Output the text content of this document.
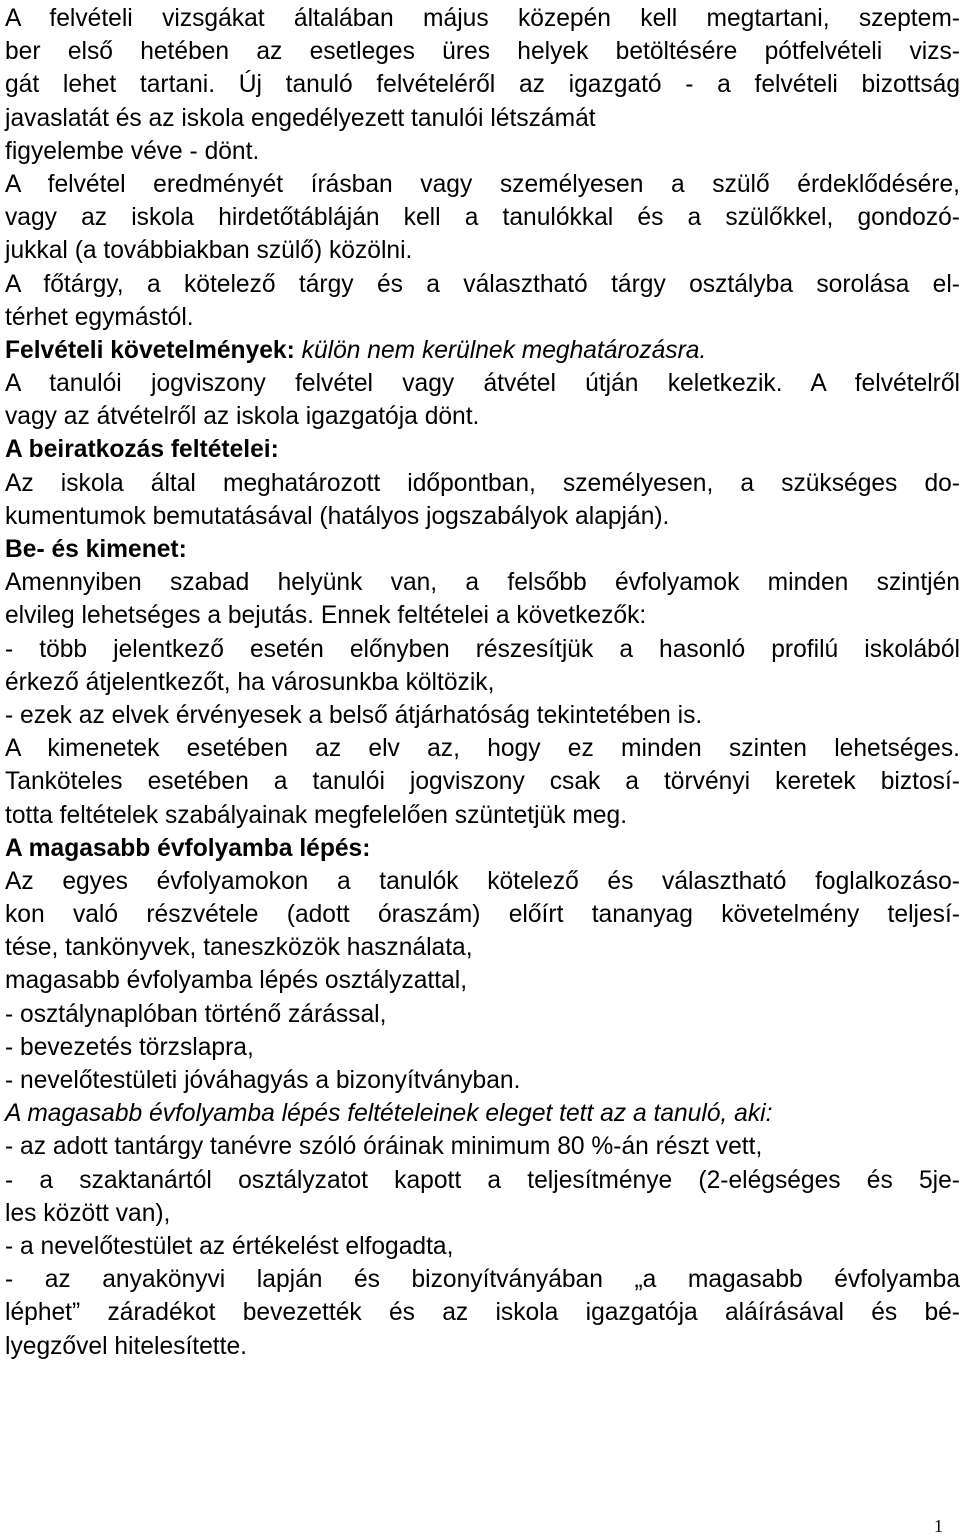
A felvételi vizsgákat általában május közepén kell megtartani, szeptem-
ber első hetében az esetleges üres helyek betöltésére pótfelvételi vizs-
gát lehet tartani. Új tanuló felvételéről az igazgató - a felvételi bizottság
javaslatát és az iskola engedélyezett tanulói létszámát
figyelembe véve - dönt.
A felvétel eredményét írásban vagy személyesen a szülő érdeklődésére,
vagy az iskola hirdetőtábláján kell a tanulókkal és a szülőkkel, gondozó-
jukkal (a továbbiakban szülő) közölni.
A főtárgy, a kötelező tárgy és a választható tárgy osztályba sorolása el-
térhet egymástól.
Felvételi követelmények: külön nem kerülnek meghatározásra.
A tanulói jogviszony felvétel vagy átvétel útján keletkezik. A felvételről
vagy az átvételről az iskola igazgatója dönt.
A beiratkozás feltételei:
Az iskola által meghatározott időpontban, személyesen, a szükséges do-
kumentumok bemutatásával (hatályos jogszabályok alapján).
Be- és kimenet:
Amennyiben szabad helyünk van, a felsőbb évfolyamok minden szintjén
elvileg lehetséges a bejutás. Ennek feltételei a következők:
- több jelentkező esetén előnyben részesítjük a hasonló profilú iskolából
érkező átjelentkezőt, ha városunkba költözik,
- ezek az elvek érvényesek a belső átjárhatóság tekintetében is.
A kimenetek esetében az elv az, hogy ez minden szinten lehetséges.
Tanköteles esetében a tanulói jogviszony csak a törvényi keretek biztosí-
totta feltételek szabályainak megfelelően szüntetjük meg.
A magasabb évfolyamba lépés:
Az egyes évfolyamokon a tanulók kötelező és választható foglalkozáso-
kon való részvétele (adott óraszám) előírt tananyag követelmény teljesí-
tése, tankönyvek, taneszközök használata,
magasabb évfolyamba lépés osztályzattal,
- osztálynaplóban történő zárással,
- bevezetés törzslapra,
- nevelőtestületi jóváhagyás a bizonyítványban.
A magasabb évfolyamba lépés feltételeinek eleget tett az a tanuló, aki:
- az adott tantárgy tanévre szóló óráinak minimum 80 %-án részt vett,
- a szaktanártól osztályzatot kapott a teljesítménye (2-elégséges és 5je-
les között van),
- a nevelőtestület az értékelést elfogadta,
- az anyakönyvi lapján és bizonyítványában „a magasabb évfolyamba
léphet” záradékot bevezették és az iskola igazgatója aláírásával és bé-
lyegzővel hitelesítette.
1
